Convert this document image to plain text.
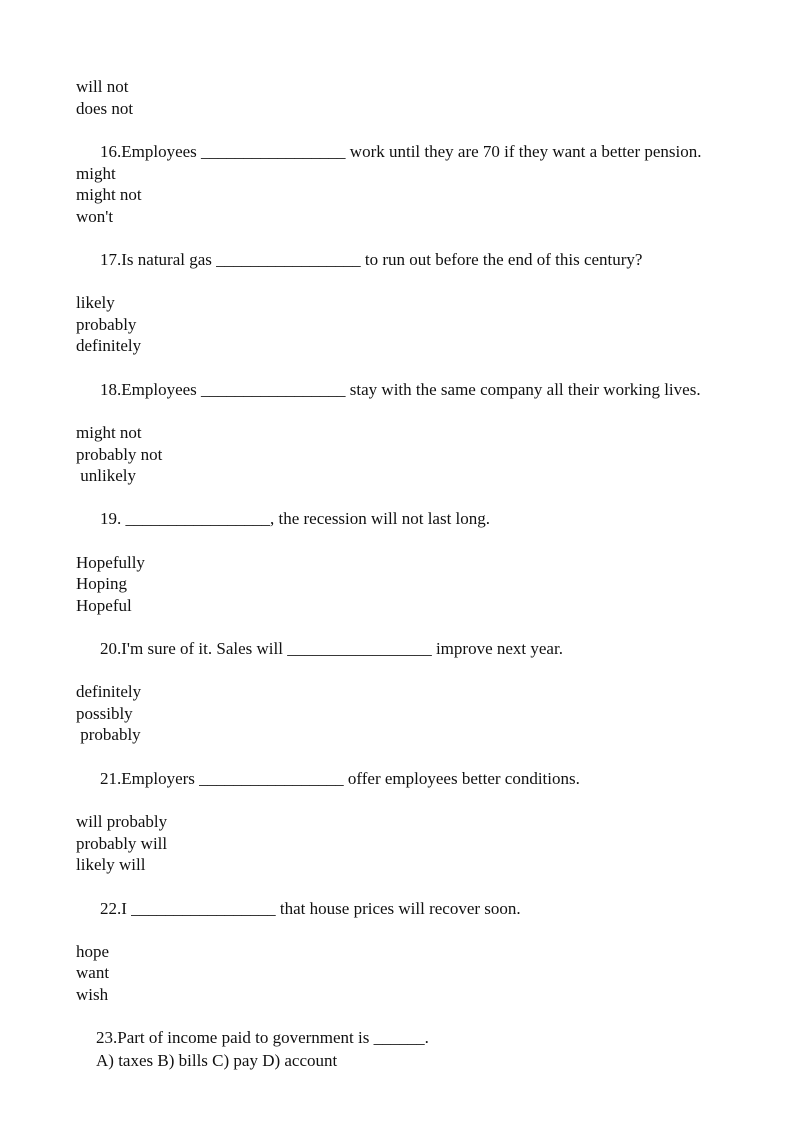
will not
does not
16.Employees _________________ work until they are 70 if they want a better pension.
might
might not
won't
17.Is natural gas _________________ to run out before the end of this century?
likely
probably
definitely
18.Employees _________________ stay with the same company all their working lives.
might not
probably not
unlikely
19. _________________, the recession will not last long.
Hopefully
Hoping
Hopeful
20.I'm sure of it. Sales will _________________ improve next year.
definitely
possibly
probably
21.Employers _________________ offer employees better conditions.
will probably
probably will
likely will
22.I _________________ that house prices will recover soon.
hope
want
wish
23.Part of income paid to government is ______.
A) taxes B) bills C) pay D) account
